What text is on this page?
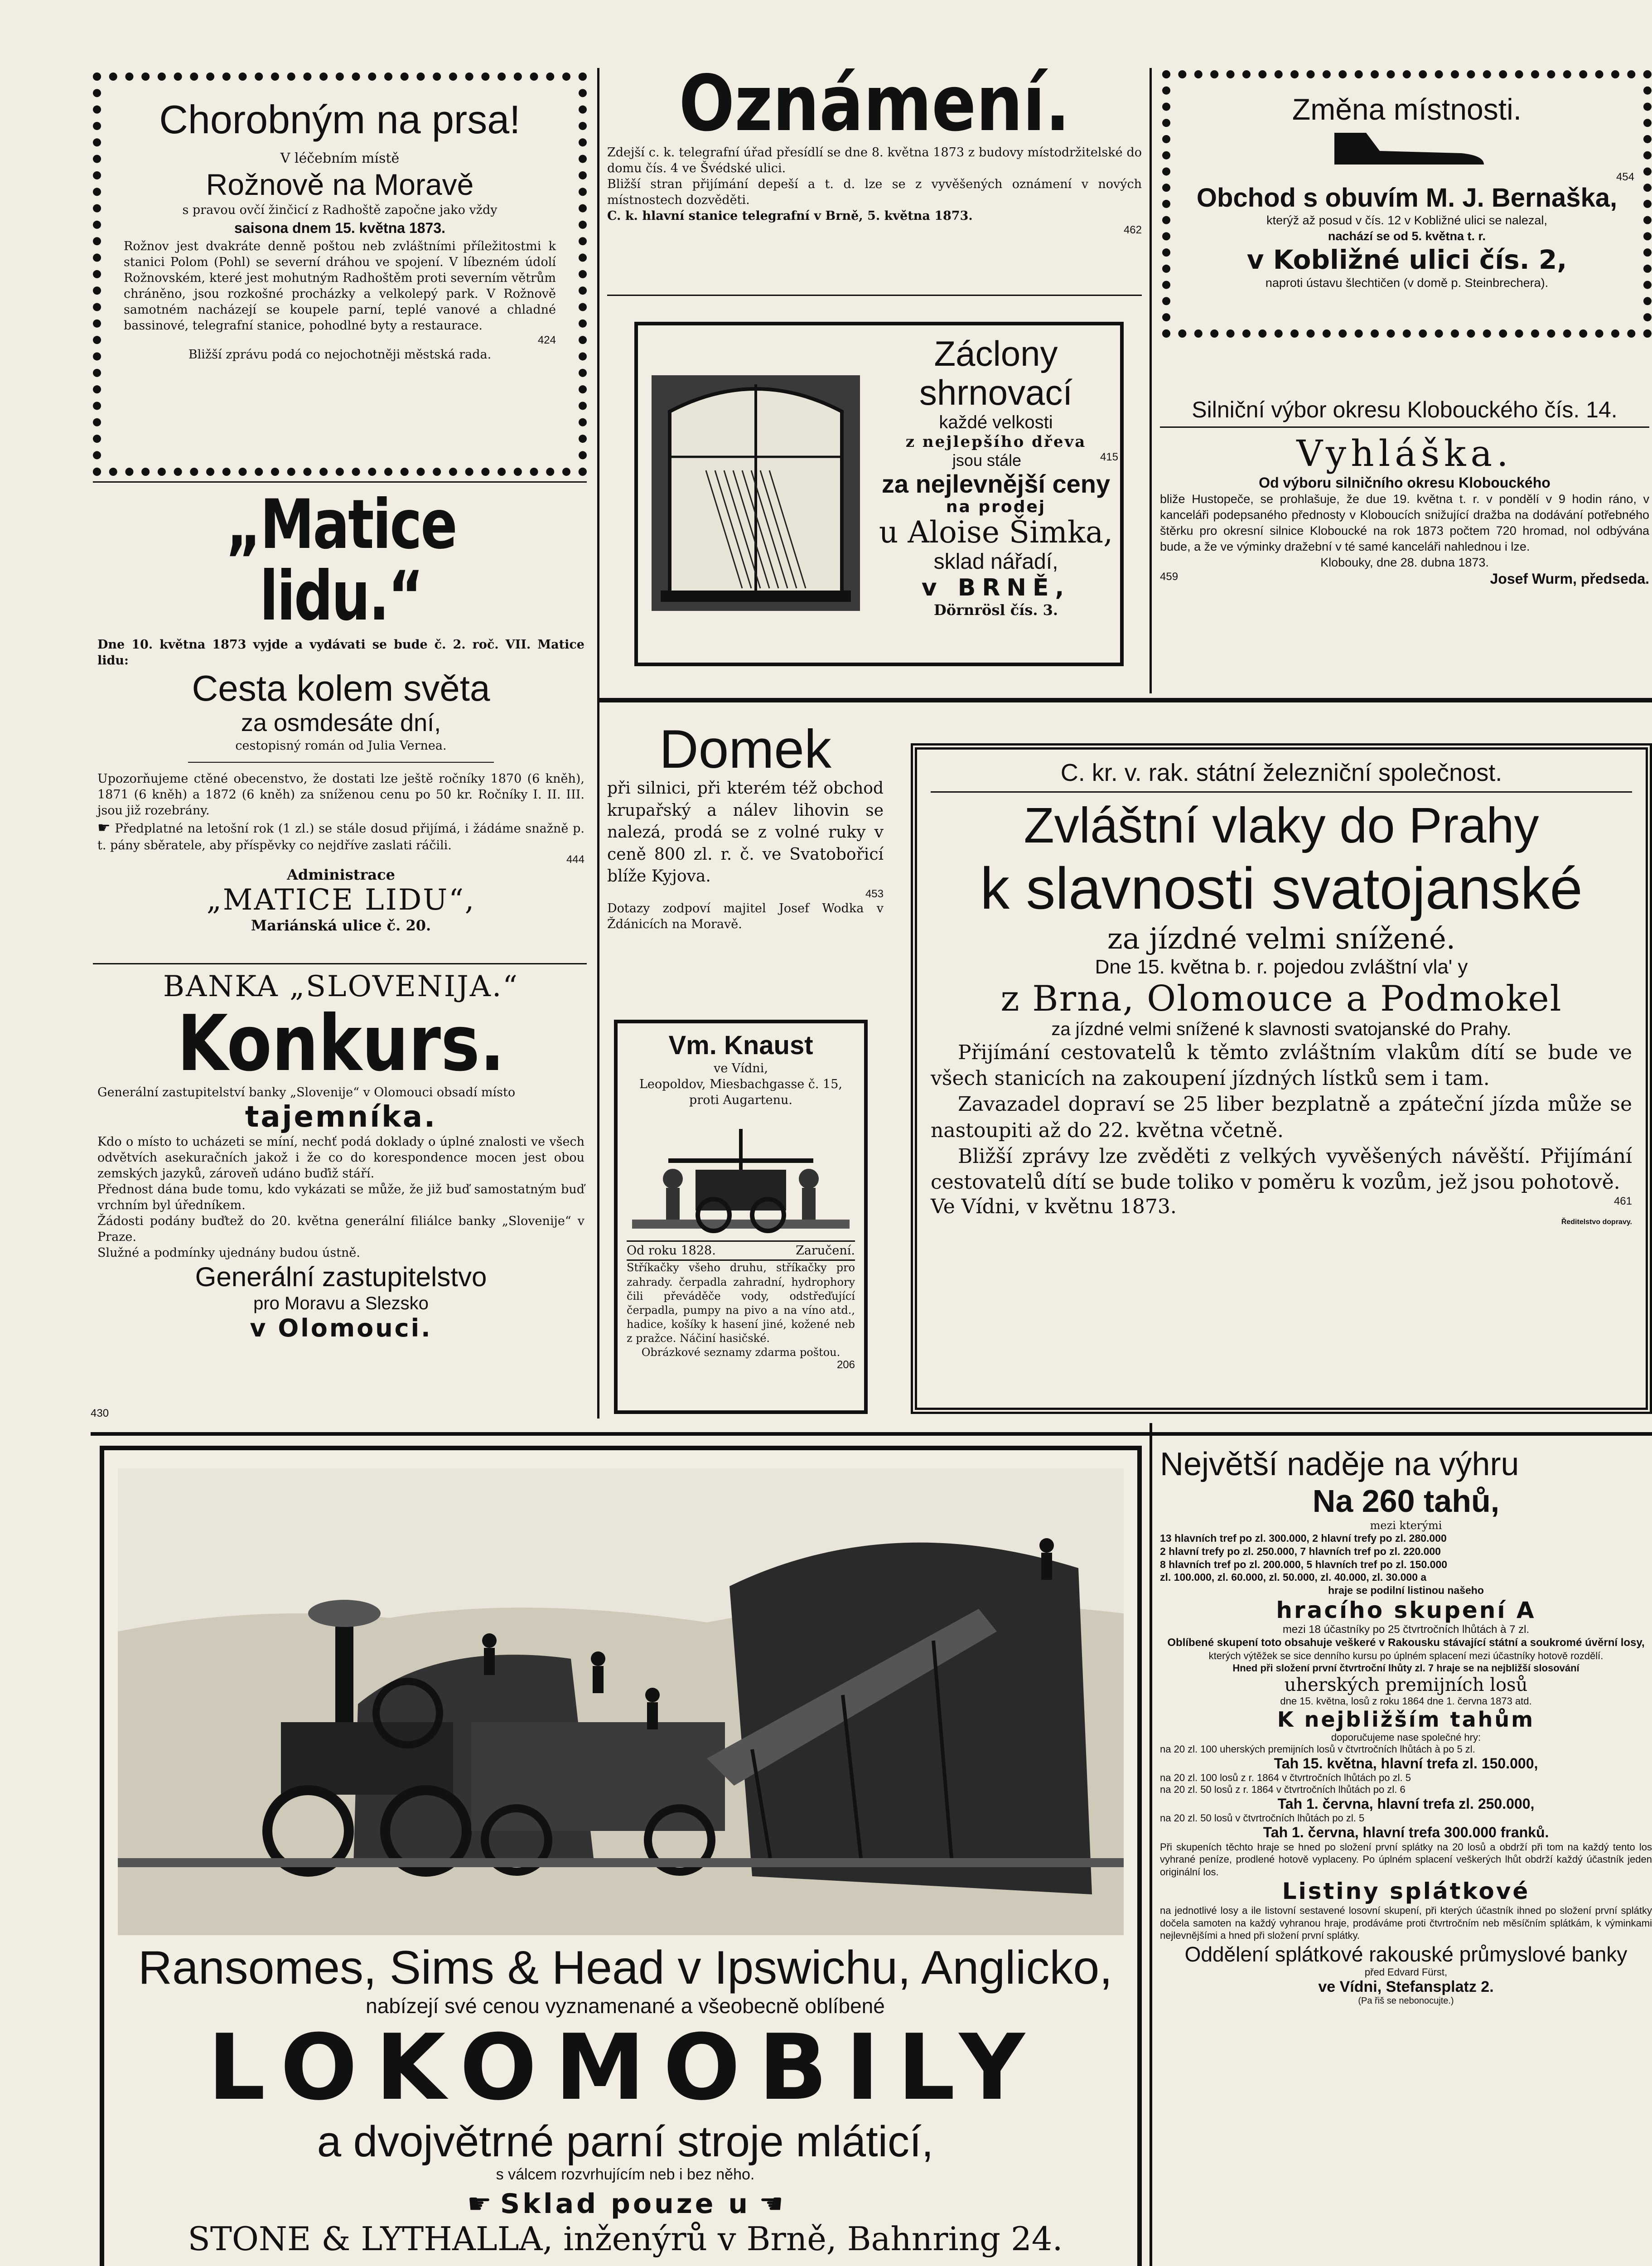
Chorobným na prsa!
V léčebním místě
Rožnově na Moravě
s pravou ovčí žinčicí z Radhoště započne jako vždy
saisona dnem 15. května 1873.
Rožnov jest dvakráte denně poštou neb zvláštními příležitostmi k stanici Polom (Pohl) se severní dráhou ve spojení. V líbezném údolí Rožnovském, které jest mohutným Radhoštěm proti severním větrům chráněno, jsou rozkošné procházky a velkolepý park. V Rožnově samotném nacházejí se koupele parní, teplé vanové a chladné bassinové, telegrafní stanice, pohodlné byty a restaurace.
424
Bližší zprávu podá co nejochotněji městská rada.
„Matice lidu.“
Dne 10. května 1873 vyjde a vydávati se bude č. 2. roč. VII. Matice lidu:
Cesta kolem světa
za osmdesáte dní,
cestopisný román od Julia Vernea.
Upozorňujeme ctěné obecenstvo, že dostati lze ještě ročníky 1870 (6 kněh), 1871 (6 kněh) a 1872 (6 kněh) za sníženou cenu po 50 kr. Ročníky I. II. III. jsou již rozebrány.
☛ Předplatné na letošní rok (1 zl.) se stále dosud přijímá, i žádáme snažně p. t. pány sběratele, aby příspěvky co nejdříve zaslati ráčili.
444
Administrace
„MATICE LIDU“,
Mariánská ulice č. 20.
BANKA „SLOVENIJA.“
Konkurs.
Generální zastupitelství banky „Slovenije“ v Olomouci obsadí místo
tajemníka.
Kdo o místo to ucházeti se míní, nechť podá doklady o úplné znalosti ve všech odvětvích asekuračních jakož i že co do korespondence mocen jest obou zemských jazyků, zároveň udáno buďiž stáří.
Přednost dána bude tomu, kdo vykázati se může, že již buď samostatným buď vrchním byl úředníkem.
Žádosti podány buďtež do 20. května generální filiálce banky „Slovenije“ v Praze.
Služné a podmínky ujednány budou ústně.
Generální zastupitelstvo
pro Moravu a Slezsko
v Olomouci.
430
Oznámení.
Zdejší c. k. telegrafní úřad přesídlí se dne 8. května 1873 z budovy místodržitelské do domu čís. 4 ve Švédské ulici.
Bližší stran přijímání depeší a t. d. lze se z vyvěšených oznámení v nových místnostech dozvěděti.
C. k. hlavní stanice telegrafní v Brně, 5. května 1873.
462
Záclony shrnovací
každé velkosti
z nejlepšího dřeva
jsou stále	415
za nejlevnější ceny
na prodej
u Aloise Šimka,
sklad nářadí,
v BRNĚ,
Dörnrösl čís. 3.
Domek
při silnici, při kterém též obchod krupařský a nálev lihovin se nalezá, prodá se z volné ruky v ceně 800 zl. r. č. ve Svatobořicí blíže Kyjova.
453
Dotazy zodpoví majitel Josef Wodka v Ždánicích na Moravě.
Vm. Knaust
ve Vídni,
Leopoldov, Miesbachgasse č. 15,
proti Augartenu.
Od roku 1828.	Zaručení.
Stříkačky všeho druhu, stříkačky pro zahrady. čerpadla zahradní, hydrophory čili převáděče vody, odstřeďující čerpadla, pumpy na pivo a na víno atd., hadice, košíky k hasení jiné, kožené neb z pražce. Náčiní hasičské.
Obrázkové seznamy zdarma poštou.
206
Změna místnosti.
454
Obchod s obuvím M. J. Bernaška,
kterýž až posud v čís. 12 v Kobližné ulici se nalezal,
nachází se od 5. května t. r.
v Kobližné ulici čís. 2,
naproti ústavu šlechtičen (v domě p. Steinbrechera).
Silniční výbor okresu Klobouckého čís. 14.
Vyhláška.
Od výboru silničního okresu Klobouckého
bliže Hustopeče, se prohlašuje, že due 19. května t. r. v pondělí v 9 hodin ráno, v kanceláři podepsaného přednosty v Kloboucích snižující dražba na dodávání potřebného štěrku pro okresní silnice Kloboucké na rok 1873 počtem 720 hromad, nol odbývána bude, a že ve výminky dražební v té samé kanceláři nahlednou i lze.
Klobouky, dne 28. dubna 1873.
459	Josef Wurm, předseda.
C. kr. v. rak. státní železniční společnost.
Zvláštní vlaky do Prahy
k slavnosti svatojanské
za jízdné velmi snížené.
Dne 15. května b. r. pojedou zvláštní vla' y
z Brna, Olomouce a Podmokel
za jízdné velmi snížené k slavnosti svatojanské do Prahy.
Přijímání cestovatelů k těmto zvláštním vlakům dítí se bude ve všech stanicích na zakoupení jízdných lístků sem i tam.
Zavazadel dopraví se 25 liber bezplatně a zpáteční jízda může se nastoupiti až do 22. května včetně.
Bližší zprávy lze zvěděti z velkých vyvěšených návěští. Přijímání cestovatelů dítí se bude toliko v poměru k vozům, jež jsou pohotově.
Ve Vídni, v květnu 1873.	461
Ředitelstvo dopravy.
Největší naděje na výhru
Na 260 tahů,
mezi kterými
13 hlavních tref po zl. 300.000, 2 hlavní trefy po zl. 280.000
2 hlavní trefy po zl. 250.000, 7 hlavních tref po zl. 220.000
8 hlavních tref po zl. 200.000, 5 hlavních tref po zl. 150.000
zl. 100.000, zl. 60.000, zl. 50.000, zl. 40.000, zl. 30.000 a
hraje se podilní listinou našeho
hracího skupení A
mezi 18 účastníky po 25 čtvrtročních lhůtách à 7 zl.
Oblíbené skupení toto obsahuje veškeré v Rakousku stávající státní a soukromé úvěrní losy,
kterých výtěžek se sice denního kursu po úplném splacení mezi účastníky hotově rozdělí.
Hned při složení první čtvrtroční lhůty zl. 7 hraje se na nejbližší slosování
uherských premijních losů
dne 15. května, losů z roku 1864 dne 1. června 1873 atd.
K nejbližším tahům
doporučujeme nase společné hry:
na 20 zl. 100 uherských premijních losů v čtvrtročních lhůtách à po 5 zl.
Tah 15. května, hlavní trefa zl. 150.000,
na 20 zl. 100 losů z r. 1864 v čtvrtročních lhůtách po zl. 5
na 20 zl. 50 losů z r. 1864 v čtvrtročních lhůtách po zl. 6
Tah 1. června, hlavní trefa zl. 250.000,
na 20 zl. 50 losů v čtvrtročních lhůtách po zl. 5
Tah 1. června, hlavní trefa 300.000 franků.
Při skupeních těchto hraje se hned po složení první splátky na 20 losů a obdrží při tom na každý tento los vyhrané peníze, prodlené hotově vyplaceny. Po úplném splacení veškerých lhůt obdrží každý účastník jeden originální los.
Listiny splátkové
na jednotlivé losy a ile listovní sestavené losovní skupení, při kterých účastník ihned po složení první splátky dočela samoten na každý vyhranou hraje, prodáváme proti čtvrtročním neb měsíčním splátkám, k výminkami nejlevnějšími a hned při složení první splátky.
Oddělení splátkové rakouské průmyslové banky
před Edvard Fürst,
ve Vídni, Stefansplatz 2.
(Pa řiš se nebonocujte.)
Ransomes, Sims & Head v Ipswichu, Anglicko,
nabízejí své cenou vyznamenané a všeobecně oblíbené
LOKOMOBILY
a dvojvětrné parní stroje mláticí,
s válcem rozvrhujícím neb i bez něho.
☛ Sklad pouze u ☚
STONE & LYTHALLA, inženýrů v Brně, Bahnring 24.
